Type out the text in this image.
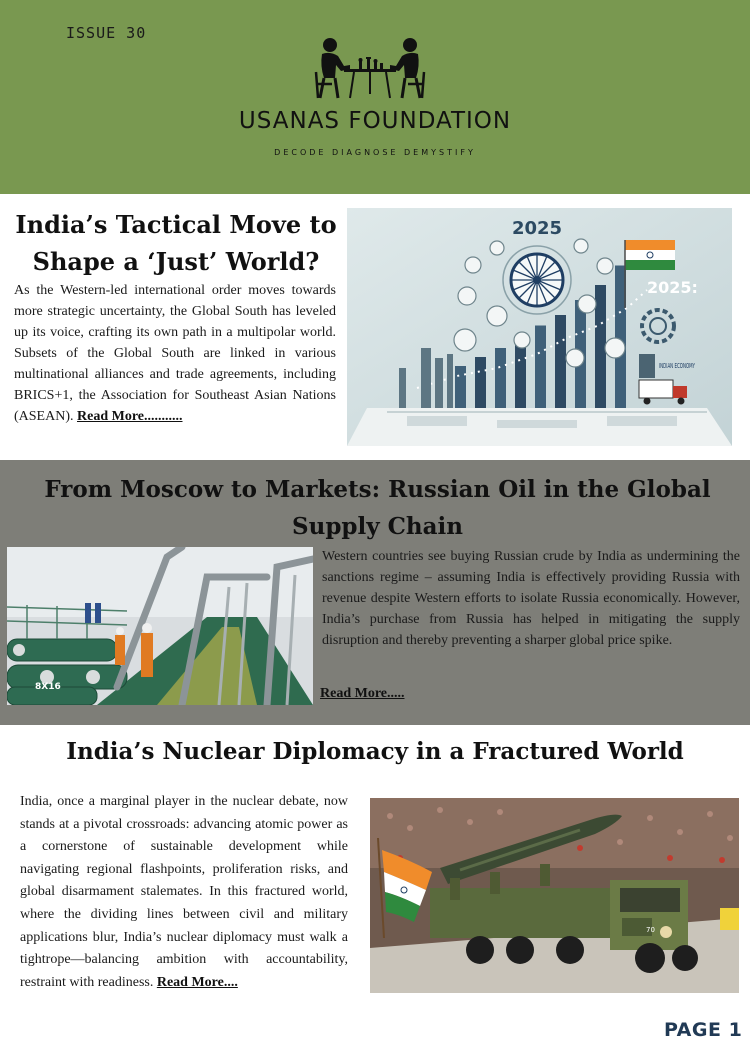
ISSUE 30
USANAS FOUNDATION
DECODE DIAGNOSE DEMYSTIFY
India’s Tactical Move to Shape a ‘Just’ World?

As the Western-led international order moves towards more strategic uncertainty, the Global South has leveled up its voice, crafting its own path in a multipolar world. Subsets of the Global South are linked in various multinational alliances and trade agreements, including BRICS+1, the Association for Southeast Asian Nations (ASEAN). Read More...........

2025
2025:
INDIAN ECONOMY
From Moscow to Markets: Russian Oil in the Global Supply Chain
8X16

Western countries see buying Russian crude by India as undermining the sanctions regime – assuming India is effectively providing Russia with revenue despite Western efforts to isolate Russia economically. However, India’s purchase from Russia has helped in mitigating the supply disruption and thereby preventing a sharper global price spike.

Read More.....
India’s Nuclear Diplomacy in a Fractured World

India, once a marginal player in the nuclear debate, now stands at a pivotal crossroads: advancing atomic power as a cornerstone of sustainable development while navigating regional flashpoints, proliferation risks, and global disarmament stalemates. In this fractured world, where the dividing lines between civil and military applications blur, India’s nuclear diplomacy must walk a tightrope—balancing ambition with accountability, restraint with readiness. Read More....

70
PAGE 1
